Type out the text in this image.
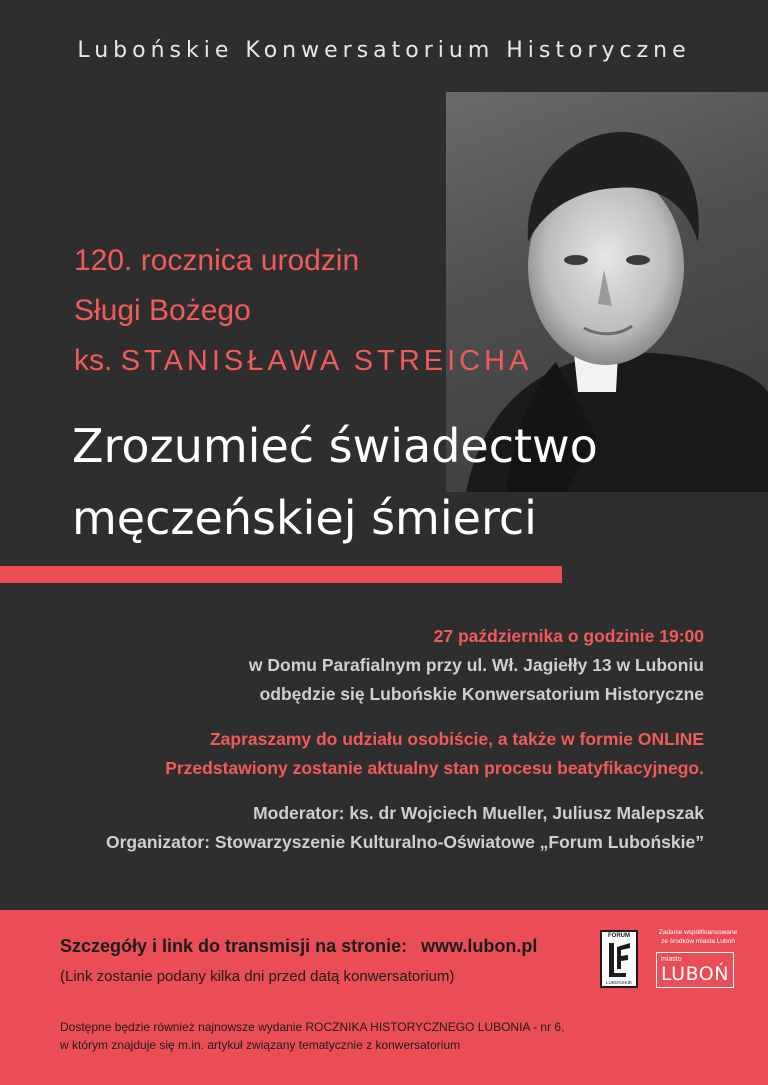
Lubońskie Konwersatorium Historyczne
120. rocznica urodzin
Sługi Bożego
ks. STANISŁAWA STREICHA
Zrozumieć świadectwo
męczeńskiej śmierci
27 października o godzinie 19:00
w Domu Parafialnym przy ul. Wł. Jagiełły 13 w Luboniu
odbędzie się Lubońskie Konwersatorium Historyczne
Zapraszamy do udziału osobiście, a także w formie ONLINE
Przedstawiony zostanie aktualny stan procesu beatyfikacyjnego.
Moderator: ks. dr Wojciech Mueller, Juliusz Malepszak
Organizator: Stowarzyszenie Kulturalno-Oświatowe „Forum Lubońskie”
Szczegóły i link do transmisji na stronie: www.lubon.pl
(Link zostanie podany kilka dni przed datą konwersatorium)
Dostępne będzie również najnowsze wydanie ROCZNIKA HISTORYCZNEGO LUBONIA - nr 6,
w którym znajduje się m.in. artykuł związany tematycznie z konwersatorium
FORUM
LUBOŃSKIE
Zadanie współfinansowane
ze środków miasta Luboń
miasto
LUBOŃ
